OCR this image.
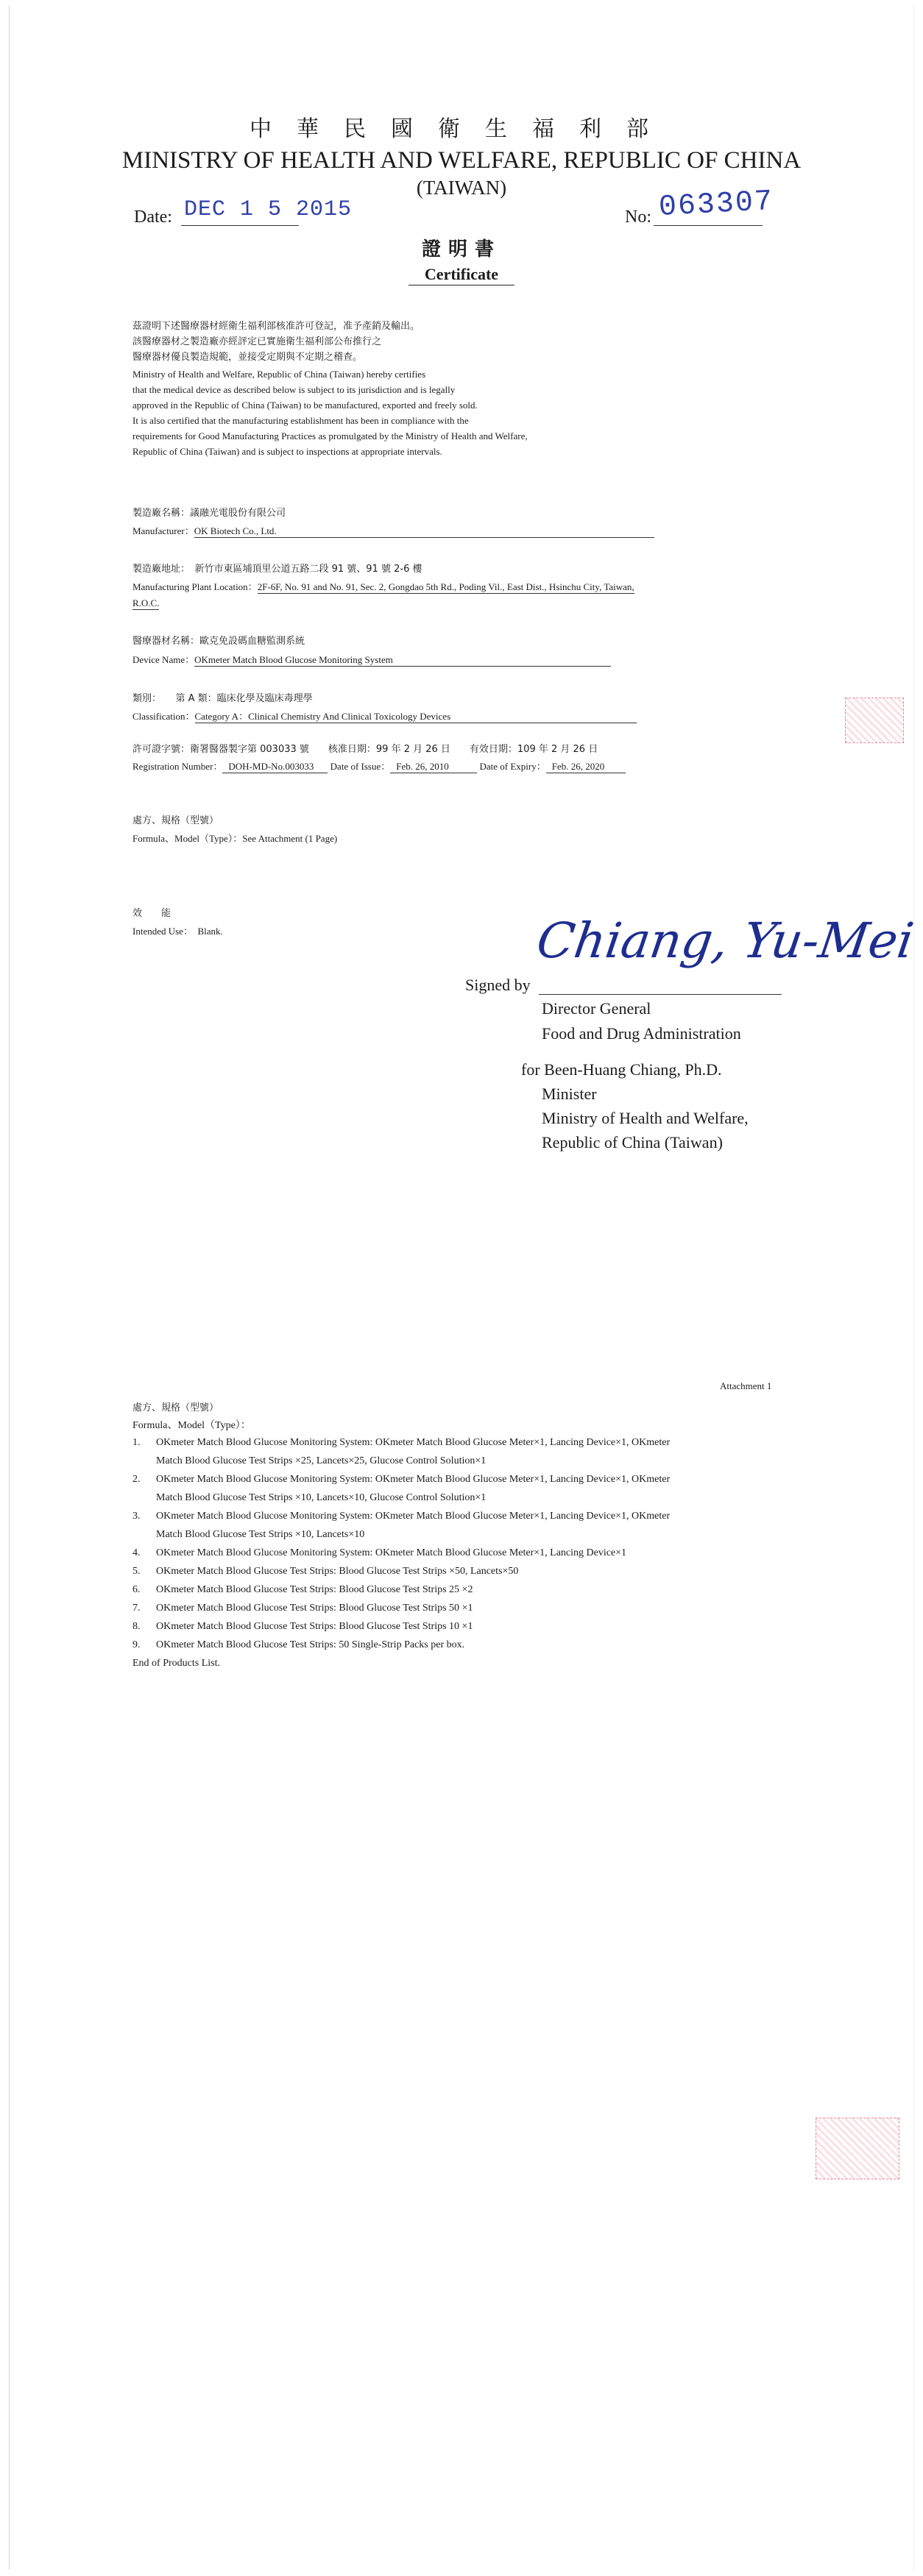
中華民國衛生福利部
MINISTRY OF HEALTH AND WELFARE, REPUBLIC OF CHINA
(TAIWAN)
Date: DEC 1 5 2015	No: 063307
證明書
Certificate
茲證明下述醫療器材經衛生福利部核准許可登記，准予產銷及輸出。
該醫療器材之製造廠亦經評定已實施衛生福利部公布推行之
醫療器材優良製造規範，並接受定期與不定期之稽查。
Ministry of Health and Welfare, Republic of China (Taiwan) hereby certifies
that the medical device as described below is subject to its jurisdiction and is legally
approved in the Republic of China (Taiwan) to be manufactured, exported and freely sold.
It is also certified that the manufacturing establishment has been in compliance with the
requirements for Good Manufacturing Practices as promulgated by the Ministry of Health and Welfare,
Republic of China (Taiwan) and is subject to inspections at appropriate intervals.
製造廠名稱：議融光電股份有限公司
Manufacturer：OK Biotech Co., Ltd.
製造廠地址：　新竹市東區埔頂里公道五路二段 91 號、91 號 2-6 樓
Manufacturing Plant Location：2F-6F, No. 91 and No. 91, Sec. 2, Gongdao 5th Rd., Poding Vil., East Dist., Hsinchu City, Taiwan,
R.O.C.
醫療器材名稱：歐克免設碼血糖監測系統
Device Name：OKmeter Match Blood Glucose Monitoring System
類別：　　第 A 類：臨床化學及臨床毒理學
Classification：Category A：Clinical Chemistry And Clinical Toxicology Devices
許可證字號：衛署醫器製字第 003033 號　　核准日期：99 年 2 月 26 日　　有效日期：109 年 2 月 26 日
Registration Number： DOH-MD-No.003033 Date of Issue： Feb. 26, 2010	Date of Expiry： Feb. 26, 2020
處方、規格（型號）
Formula、Model（Type）：See Attachment (1 Page)
效　　能
Intended Use：　Blank.	Chiang, Yu-Mei
Signed by
Director General
Food and Drug Administration
for Been-Huang Chiang, Ph.D.
Minister
Ministry of Health and Welfare,
Republic of China (Taiwan)
Attachment 1
處方、規格（型號）
Formula、Model（Type）：
1. OKmeter Match Blood Glucose Monitoring System: OKmeter Match Blood Glucose Meter×1, Lancing Device×1, OKmeter
Match Blood Glucose Test Strips ×25, Lancets×25, Glucose Control Solution×1
2. OKmeter Match Blood Glucose Monitoring System: OKmeter Match Blood Glucose Meter×1, Lancing Device×1, OKmeter
Match Blood Glucose Test Strips ×10, Lancets×10, Glucose Control Solution×1
3. OKmeter Match Blood Glucose Monitoring System: OKmeter Match Blood Glucose Meter×1, Lancing Device×1, OKmeter
Match Blood Glucose Test Strips ×10, Lancets×10
4. OKmeter Match Blood Glucose Monitoring System: OKmeter Match Blood Glucose Meter×1, Lancing Device×1
5. OKmeter Match Blood Glucose Test Strips: Blood Glucose Test Strips ×50, Lancets×50
6. OKmeter Match Blood Glucose Test Strips: Blood Glucose Test Strips 25 ×2
7. OKmeter Match Blood Glucose Test Strips: Blood Glucose Test Strips 50 ×1
8. OKmeter Match Blood Glucose Test Strips: Blood Glucose Test Strips 10 ×1
9. OKmeter Match Blood Glucose Test Strips: 50 Single-Strip Packs per box.
End of Products List.
